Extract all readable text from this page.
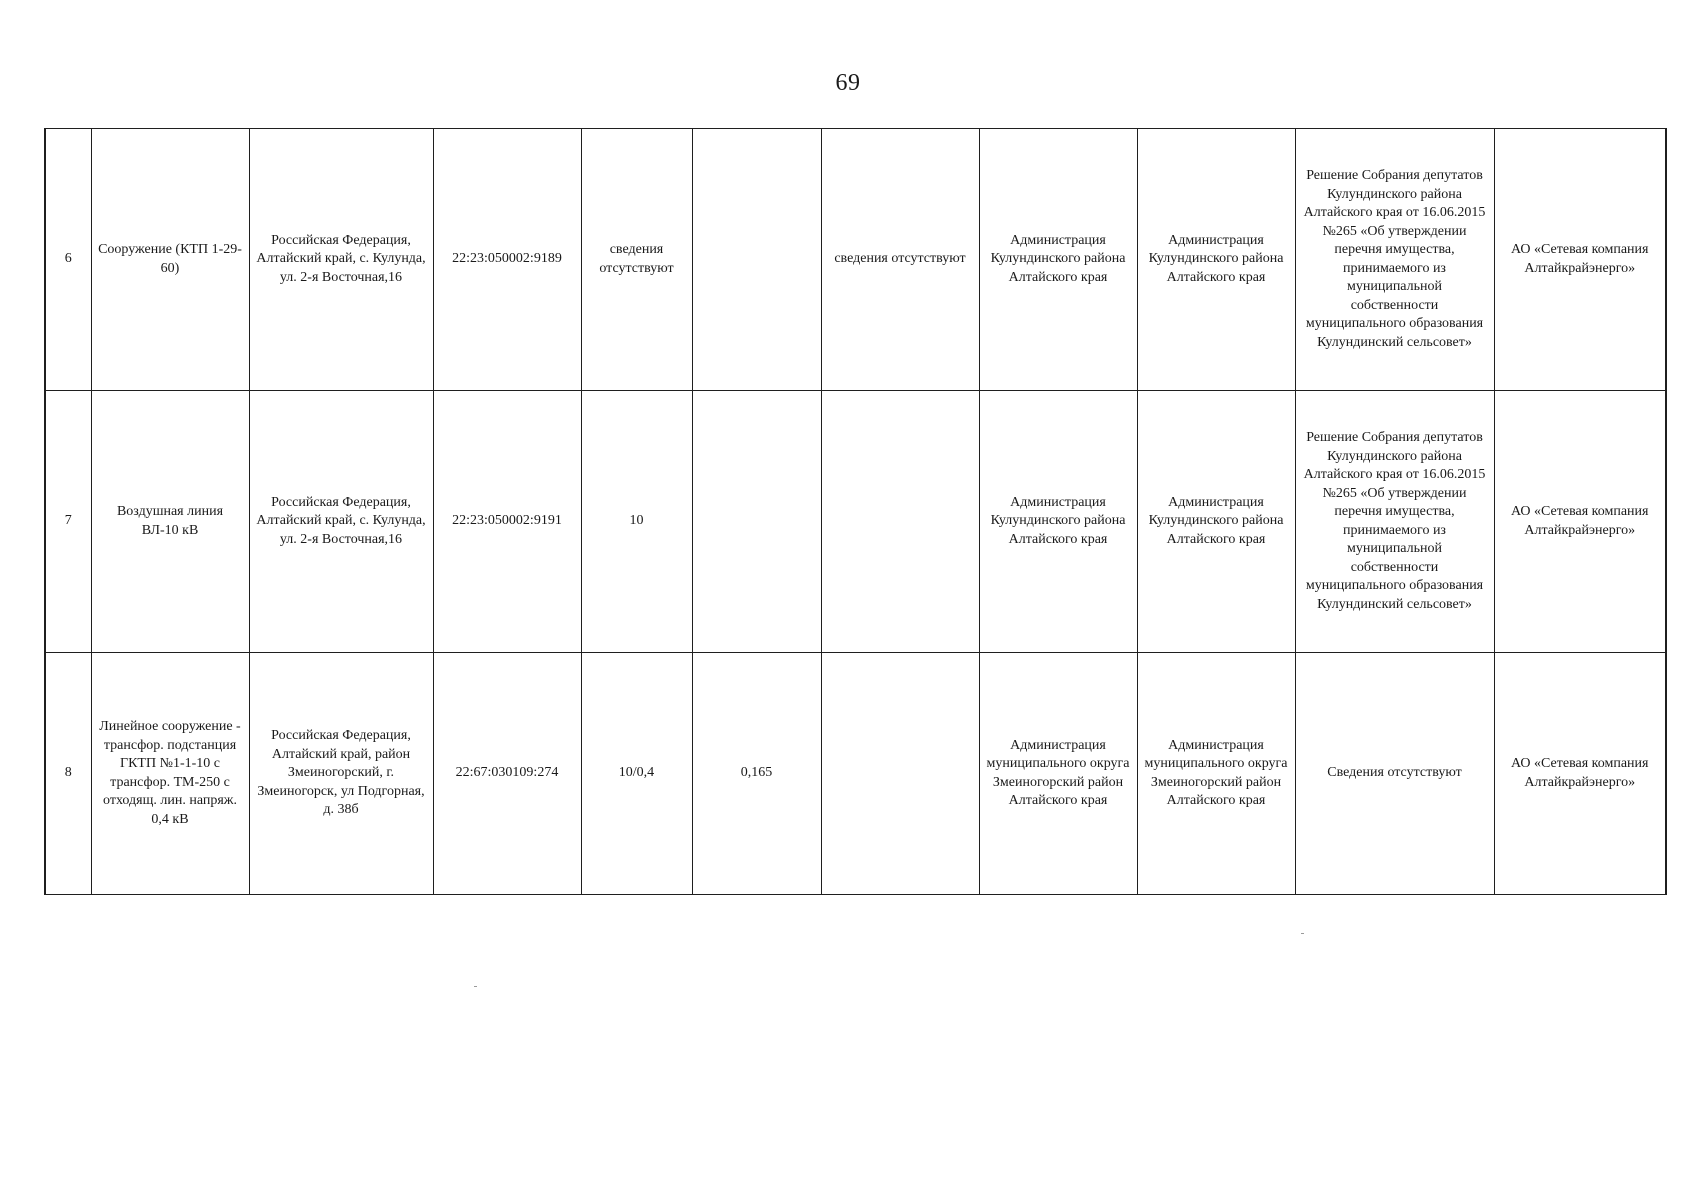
69
6	Сооружение (КТП 1-29-60)	Российская Федерация, Алтайский край, с. Кулунда, ул. 2-я Восточная,16	22:23:050002:9189	сведения отсутствуют		сведения отсутствуют	Администрация Кулундинского района Алтайского края	Администрация Кулундинского района Алтайского края	Решение Собрания депутатов Кулундинского района Алтайского края от 16.06.2015 №265 «Об утверждении перечня имущества, принимаемого из муниципальной собственности муниципального образования Кулундинский сельсовет»	АО «Сетевая компания Алтайкрайэнерго»
7	Воздушная линия ВЛ-10 кВ	Российская Федерация, Алтайский край, с. Кулунда, ул. 2-я Восточная,16	22:23:050002:9191	10			Администрация Кулундинского района Алтайского края	Администрация Кулундинского района Алтайского края	Решение Собрания депутатов Кулундинского района Алтайского края от 16.06.2015 №265 «Об утверждении перечня имущества, принимаемого из муниципальной собственности муниципального образования Кулундинский сельсовет»	АО «Сетевая компания Алтайкрайэнерго»
8	Линейное сооружение - трансфор. подстанция ГКТП №1-1-10 с трансфор. ТМ-250 с отходящ. лин. напряж. 0,4 кВ	Российская Федерация, Алтайский край, район Змеиногорский, г. Змеиногорск, ул Подгорная, д. 38б	22:67:030109:274	10/0,4	0,165		Администрация муниципального округа Змеиногорский район Алтайского края	Администрация муниципального округа Змеиногорский район Алтайского края	Сведения отсутствуют	АО «Сетевая компания Алтайкрайэнерго»
